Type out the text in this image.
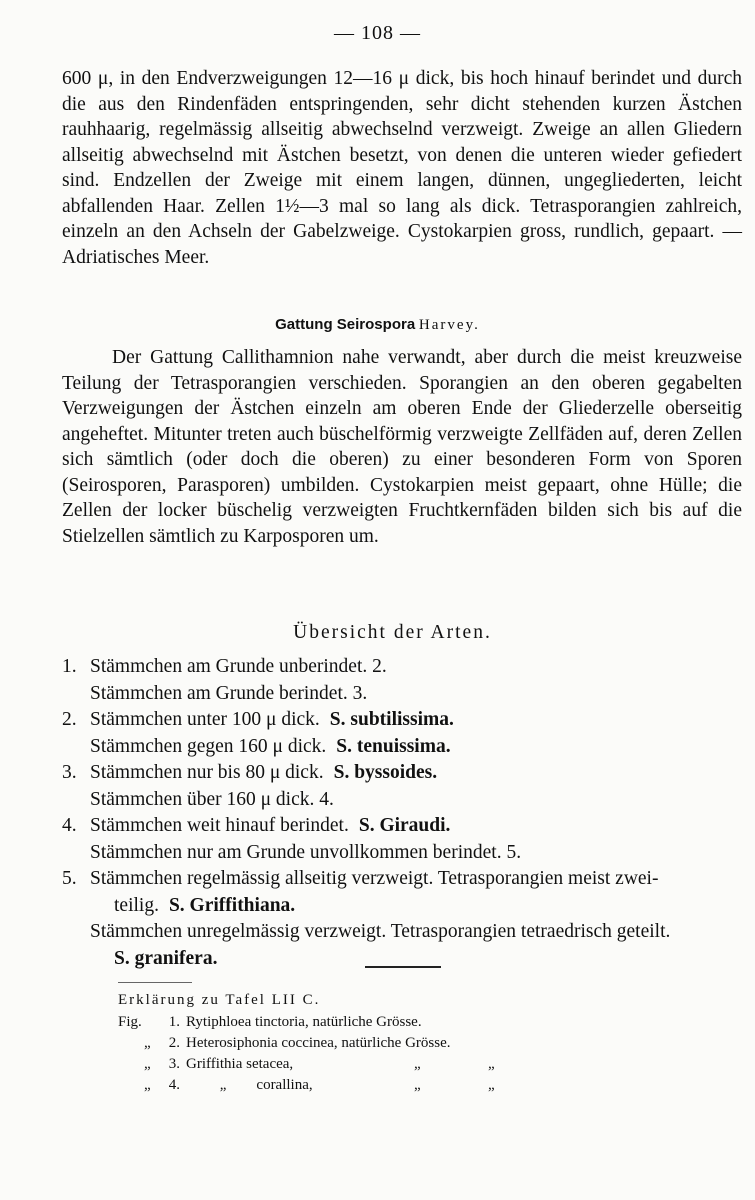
— 108 —
600 μ, in den Endverzweigungen 12—16 μ dick, bis hoch hinauf berindet und durch die aus den Rindenfäden entspringenden, sehr dicht stehenden kurzen Ästchen rauhhaarig, regelmässig allseitig abwechselnd verzweigt. Zweige an allen Gliedern allseitig abwechselnd mit Ästchen besetzt, von denen die unteren wieder gefiedert sind. Endzellen der Zweige mit einem langen, dünnen, ungegliederten, leicht abfallenden Haar. Zellen 1½—3 mal so lang als dick. Tetrasporangien zahlreich, einzeln an den Achseln der Gabelzweige. Cystokarpien gross, rundlich, gepaart. — Adriatisches Meer.
Gattung Seirospora Harvey.
Der Gattung Callithamnion nahe verwandt, aber durch die meist kreuzweise Teilung der Tetrasporangien verschieden. Sporangien an den oberen gegabelten Verzweigungen der Ästchen einzeln am oberen Ende der Gliederzelle oberseitig angeheftet. Mitunter treten auch büschelförmig verzweigte Zellfäden auf, deren Zellen sich sämtlich (oder doch die oberen) zu einer besonderen Form von Sporen (Seirosporen, Parasporen) umbilden. Cystokarpien meist gepaart, ohne Hülle; die Zellen der locker büschelig verzweigten Fruchtkernfäden bilden sich bis auf die Stielzellen sämtlich zu Karposporen um.
Übersicht der Arten.
1. Stämmchen am Grunde unberindet. 2.
Stämmchen am Grunde berindet. 3.
2. Stämmchen unter 100 μ dick. S. subtilissima.
Stämmchen gegen 160 μ dick. S. tenuissima.
3. Stämmchen nur bis 80 μ dick. S. byssoides.
Stämmchen über 160 μ dick. 4.
4. Stämmchen weit hinauf berindet. S. Giraudi.
Stämmchen nur am Grunde unvollkommen berindet. 5.
5. Stämmchen regelmässig allseitig verzweigt. Tetrasporangien meist zwei-
teilig. S. Griffithiana.
Stämmchen unregelmässig verzweigt. Tetrasporangien tetraedrisch geteilt.
S. granifera.
Erklärung zu Tafel LII C.
Fig.	1. Rytiphloea tinctoria, natürliche Grösse.
„	2. Heterosiphonia coccinea, natürliche Grösse.
„	3. Griffithia setacea,	„	„
„	4. „        corallina,	„	„
